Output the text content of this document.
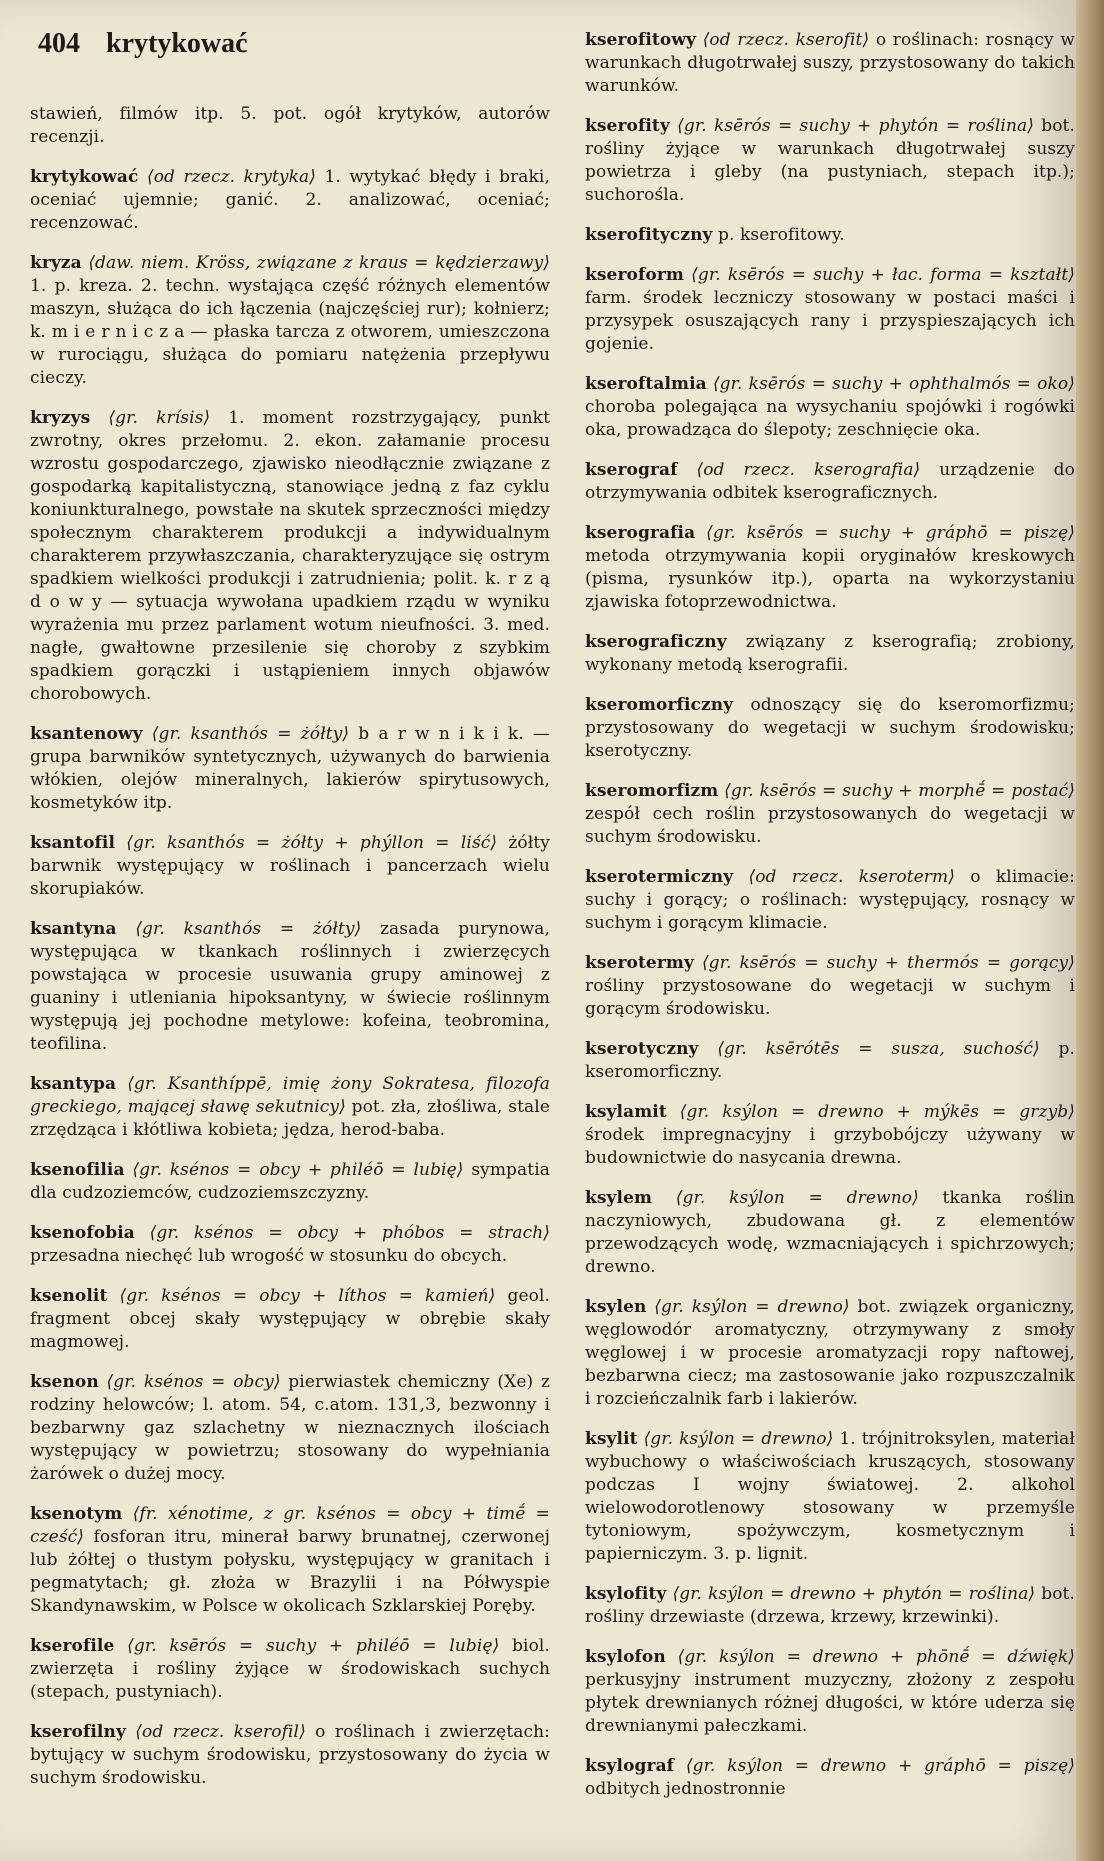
404 krytykować

stawień, filmów itp. 5. pot. ogół krytyków, autorów recenzji.

krytykować ⟨od rzecz. krytyka⟩ 1. wytykać błędy i braki, oceniać ujemnie; ganić. 2. analizować, oceniać; recenzować.

kryza ⟨daw. niem. Kröss, związane z kraus = kędzierzawy⟩ 1. p. kreza. 2. techn. wystająca część różnych elementów maszyn, służąca do ich łączenia (najczęściej rur); kołnierz; k. m i e r n i c z a — płaska tarcza z otworem, umieszczona w rurociągu, służąca do pomiaru natężenia przepływu cieczy.

kryzys ⟨gr. krísis⟩ 1. moment rozstrzygający, punkt zwrotny, okres przełomu. 2. ekon. załamanie procesu wzrostu gospodarczego, zjawisko nieodłącznie związane z gospodarką kapitalistyczną, stanowiące jedną z faz cyklu koniunkturalnego, powstałe na skutek sprzeczności między społecznym charakterem produkcji a indywidualnym charakterem przywłaszczania, charakteryzujące się ostrym spadkiem wielkości produkcji i zatrudnienia; polit. k. r z ą d o w y — sytuacja wywołana upadkiem rządu w wyniku wyrażenia mu przez parlament wotum nieufności. 3. med. nagłe, gwałtowne przesilenie się choroby z szybkim spadkiem gorączki i ustąpieniem innych objawów chorobowych.

ksantenowy ⟨gr. ksanthós = żółty⟩ b a r w n i k i k. — grupa barwników syntetycznych, używanych do barwienia włókien, olejów mineralnych, lakierów spirytusowych, kosmetyków itp.

ksantofil ⟨gr. ksanthós = żółty + phýllon = liść⟩ żółty barwnik występujący w roślinach i pancerzach wielu skorupiaków.

ksantyna ⟨gr. ksanthós = żółty⟩ zasada purynowa, występująca w tkankach roślinnych i zwierzęcych powstająca w procesie usuwania grupy aminowej z guaniny i utleniania hipoksantyny, w świecie roślinnym występują jej pochodne metylowe: kofeina, teobromina, teofilina.

ksantypa ⟨gr. Ksanthíppē, imię żony Sokratesa, filozofa greckiego, mającej sławę sekutnicy⟩ pot. zła, złośliwa, stale zrzędząca i kłótliwa kobieta; jędza, herod-baba.

ksenofilia ⟨gr. ksénos = obcy + philéō = lubię⟩ sympatia dla cudzoziemców, cudzoziemszczyzny.

ksenofobia ⟨gr. ksénos = obcy + phóbos = strach⟩ przesadna niechęć lub wrogość w stosunku do obcych.

ksenolit ⟨gr. ksénos = obcy + líthos = kamień⟩ geol. fragment obcej skały występujący w obrębie skały magmowej.

ksenon ⟨gr. ksénos = obcy⟩ pierwiastek chemiczny (Xe) z rodziny helowców; l. atom. 54, c.atom. 131,3, bezwonny i bezbarwny gaz szlachetny w nieznacznych ilościach występujący w powietrzu; stosowany do wypełniania żarówek o dużej mocy.

ksenotym ⟨fr. xénotime, z gr. ksénos = obcy + timḗ = cześć⟩ fosforan itru, minerał barwy brunatnej, czerwonej lub żółtej o tłustym połysku, występujący w granitach i pegmatytach; gł. złoża w Brazylii i na Półwyspie Skandynawskim, w Polsce w okolicach Szklarskiej Poręby.

kserofile ⟨gr. ksērós = suchy + philéō = lubię⟩ biol. zwierzęta i rośliny żyjące w środowiskach suchych (stepach, pustyniach).

kserofilny ⟨od rzecz. kserofil⟩ o roślinach i zwierzętach: bytujący w suchym środowisku, przystosowany do życia w suchym środowisku.

kserofitowy ⟨od rzecz. kserofit⟩ o roślinach: rosnący w warunkach długotrwałej suszy, przystosowany do takich warunków.

kserofity ⟨gr. ksērós = suchy + phytón = roślina⟩ bot. rośliny żyjące w warunkach długotrwałej suszy powietrza i gleby (na pustyniach, stepach itp.); suchorośla.

kserofityczny p. kserofitowy.

kseroform ⟨gr. ksērós = suchy + łac. forma = kształt⟩ farm. środek leczniczy stosowany w postaci maści i przysypek osuszających rany i przyspieszających ich gojenie.

kseroftalmia ⟨gr. ksērós = suchy + ophthalmós = oko⟩ choroba polegająca na wysychaniu spojówki i rogówki oka, prowadząca do ślepoty; zeschnięcie oka.

kserograf ⟨od rzecz. kserografia⟩ urządzenie do otrzymywania odbitek kserograficznych.

kserografia ⟨gr. ksērós = suchy + gráphō = piszę⟩ metoda otrzymywania kopii oryginałów kreskowych (pisma, rysunków itp.), oparta na wykorzystaniu zjawiska fotoprzewodnictwa.

kserograficzny związany z kserografią; zrobiony, wykonany metodą kserografii.

kseromorficzny odnoszący się do kseromorfizmu; przystosowany do wegetacji w suchym środowisku; kserotyczny.

kseromorfizm ⟨gr. ksērós = suchy + morphḗ = postać⟩ zespół cech roślin przystosowanych do wegetacji w suchym środowisku.

kserotermiczny ⟨od rzecz. kseroterm⟩ o klimacie: suchy i gorący; o roślinach: występujący, rosnący w suchym i gorącym klimacie.

kserotermy ⟨gr. ksērós = suchy + thermós = gorący⟩ rośliny przystosowane do wegetacji w suchym i gorącym środowisku.

kserotyczny ⟨gr. ksērótēs = susza, suchość⟩ p. kseromorficzny.

ksylamit ⟨gr. ksýlon = drewno + mýkēs = grzyb⟩ środek impregnacyjny i grzybobójczy używany w budownictwie do nasycania drewna.

ksylem ⟨gr. ksýlon = drewno⟩ tkanka roślin naczyniowych, zbudowana gł. z elementów przewodzących wodę, wzmacniających i spichrzowych; drewno.

ksylen ⟨gr. ksýlon = drewno⟩ bot. związek organiczny, węglowodór aromatyczny, otrzymywany z smoły węglowej i w procesie aromatyzacji ropy naftowej, bezbarwna ciecz; ma zastosowanie jako rozpuszczalnik i rozcieńczalnik farb i lakierów.

ksylit ⟨gr. ksýlon = drewno⟩ 1. trójnitroksylen, materiał wybuchowy o właściwościach kruszących, stosowany podczas I wojny światowej. 2. alkohol wielowodorotlenowy stosowany w przemyśle tytoniowym, spożywczym, kosmetycznym i papierniczym. 3. p. lignit.

ksylofity ⟨gr. ksýlon = drewno + phytón = roślina⟩ bot. rośliny drzewiaste (drzewa, krzewy, krzewinki).

ksylofon ⟨gr. ksýlon = drewno + phōnḗ = dźwięk⟩ perkusyjny instrument muzyczny, złożony z zespołu płytek drewnianych różnej długości, w które uderza się drewnianymi pałeczkami.

ksylograf ⟨gr. ksýlon = drewno + gráphō = piszę⟩ odbitych jednostronnie
